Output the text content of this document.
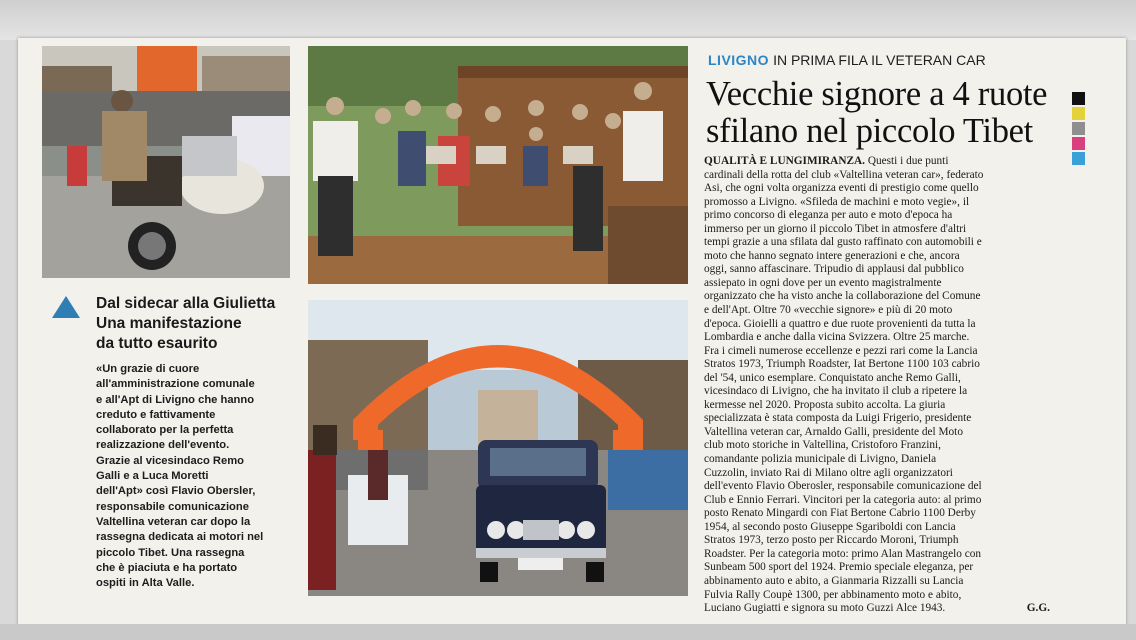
Dal sidecar alla Giulietta
Una manifestazione
da tutto esaurito
«Un grazie di cuore
all'amministrazione comunale
e all'Apt di Livigno che hanno
creduto e fattivamente
collaborato per la perfetta
realizzazione dell'evento.
Grazie al vicesindaco Remo
Galli e a Luca Moretti
dell'Apt» così Flavio Obersler,
responsabile comunicazione
Valtellina veteran car dopo la
rassegna dedicata ai motori nel
piccolo Tibet. Una rassegna
che è piaciuta e ha portato
ospiti in Alta Valle.
LIVIGNO IN PRIMA FILA IL VETERAN CAR
Vecchie signore a 4 ruote
sfilano nel piccolo Tibet
QUALITÀ E LUNGIMIRANZA. Questi i due punti
cardinali della rotta del club «Valtellina veteran car», federato
Asi, che ogni volta organizza eventi di prestigio come quello
promosso a Livigno. «Sfileda de machini e moto vegie», il
primo concorso di eleganza per auto e moto d'epoca ha
immerso per un giorno il piccolo Tibet in atmosfere d'altri
tempi grazie a una sfilata dal gusto raffinato con automobili e
moto che hanno segnato intere generazioni e che, ancora
oggi, sanno affascinare. Tripudio di applausi dal pubblico
assiepato in ogni dove per un evento magistralmente
organizzato che ha visto anche la collaborazione del Comune
e dell'Apt. Oltre 70 «vecchie signore» e più di 20 moto
d'epoca. Gioielli a quattro e due ruote provenienti da tutta la
Lombardia e anche dalla vicina Svizzera. Oltre 25 marche.
Fra i cimeli numerose eccellenze e pezzi rari come la Lancia
Stratos 1973, Triumph Roadster, Iat Bertone 1100 103 cabrio
del '54, unico esemplare. Conquistato anche Remo Galli,
vicesindaco di Livigno, che ha invitato il club a ripetere la
kermesse nel 2020. Proposta subito accolta. La giuria
specializzata è stata composta da Luigi Frigerio, presidente
Valtellina veteran car, Arnaldo Galli, presidente del Moto
club moto storiche in Valtellina, Cristoforo Franzini,
comandante polizia municipale di Livigno, Daniela
Cuzzolin, inviato Rai di Milano oltre agli organizzatori
dell'evento Flavio Oberosler, responsabile comunicazione del
Club e Ennio Ferrari. Vincitori per la categoria auto: al primo
posto Renato Mingardi con Fiat Bertone Cabrio 1100 Derby
1954, al secondo posto Giuseppe Sgariboldi con Lancia
Stratos 1973, terzo posto per Riccardo Moroni, Triumph
Roadster. Per la categoria moto: primo Alan Mastrangelo con
Sunbeam 500 sport del 1924. Premio speciale eleganza, per
abbinamento auto e abito, a Gianmaria Rizzalli su Lancia
Fulvia Rally Coupè 1300, per abbinamento moto e abito,
Luciano Gugiatti e signora su moto Guzzi Alce 1943.	G.G.
